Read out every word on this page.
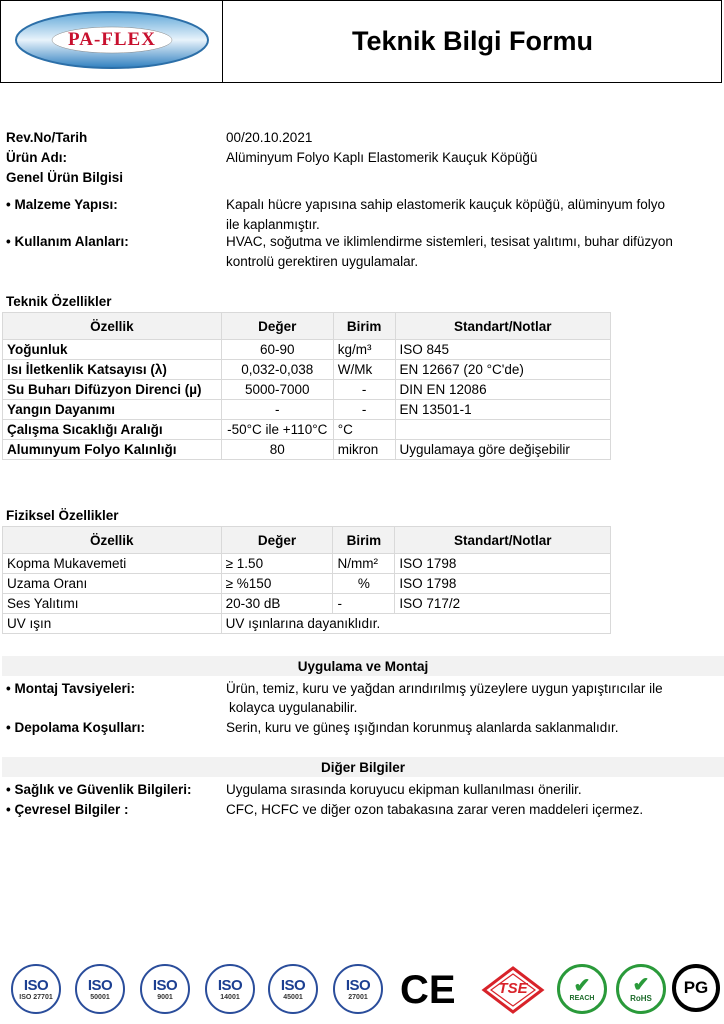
PA-FLEX	Teknik Bilgi Formu
Rev.No/Tarih	00/20.10.2021
Ürün Adı:	Alüminyum Folyo Kaplı Elastomerik Kauçuk Köpüğü
Genel Ürün Bilgisi
• Malzeme Yapısı:	Kapalı hücre yapısına sahip elastomerik kauçuk köpüğü, alüminyum folyo
ile kaplanmıştır.
• Kullanım Alanları:	HVAC, soğutma ve iklimlendirme sistemleri, tesisat yalıtımı, buhar difüzyon
kontrolü gerektiren uygulamalar.
Teknik Özellikler
Özellik	Değer	Birim	Standart/Notlar
Yoğunluk	60-90	kg/m³	ISO 845
Isı İletkenlik Katsayısı (λ)	0,032-0,038	W/Mk	EN 12667 (20 °C'de)
Su Buharı Difüzyon Direnci (µ)	5000-7000	-	DIN EN 12086
Yangın Dayanımı	-	-	EN 13501-1
Çalışma Sıcaklığı Aralığı	-50°C ile +110°C	°C	
Alumınyum Folyo Kalınlığı	80	mikron	Uygulamaya göre değişebilir
Fiziksel Özellikler
Özellik	Değer	Birim	Standart/Notlar
Kopma Mukavemeti	≥ 1.50	N/mm²	ISO 1798
Uzama Oranı	≥ %150	%	ISO 1798
Ses Yalıtımı	20-30 dB	-	ISO 717/2
UV ışın	UV ışınlarına dayanıklıdır.		
Uygulama ve Montaj
• Montaj Tavsiyeleri:	Ürün, temiz, kuru ve yağdan arındırılmış yüzeylere uygun yapıştırıcılar ile
kolayca uygulanabilir.
• Depolama Koşulları:	Serin, kuru ve güneş ışığından korunmuş alanlarda saklanmalıdır.
Diğer Bilgiler
• Sağlık ve Güvenlik Bilgileri:	Uygulama sırasında koruyucu ekipman kullanılması önerilir.
• Çevresel Bilgiler :	CFC, HCFC ve diğer ozon tabakasına zarar veren maddeleri içermez.
ISO
ISO 27701
ISO
50001
ISO
9001
ISO
14001
ISO
45001
ISO
27001 CE	TSE	✔
REACH
✔
RoHS
PG
